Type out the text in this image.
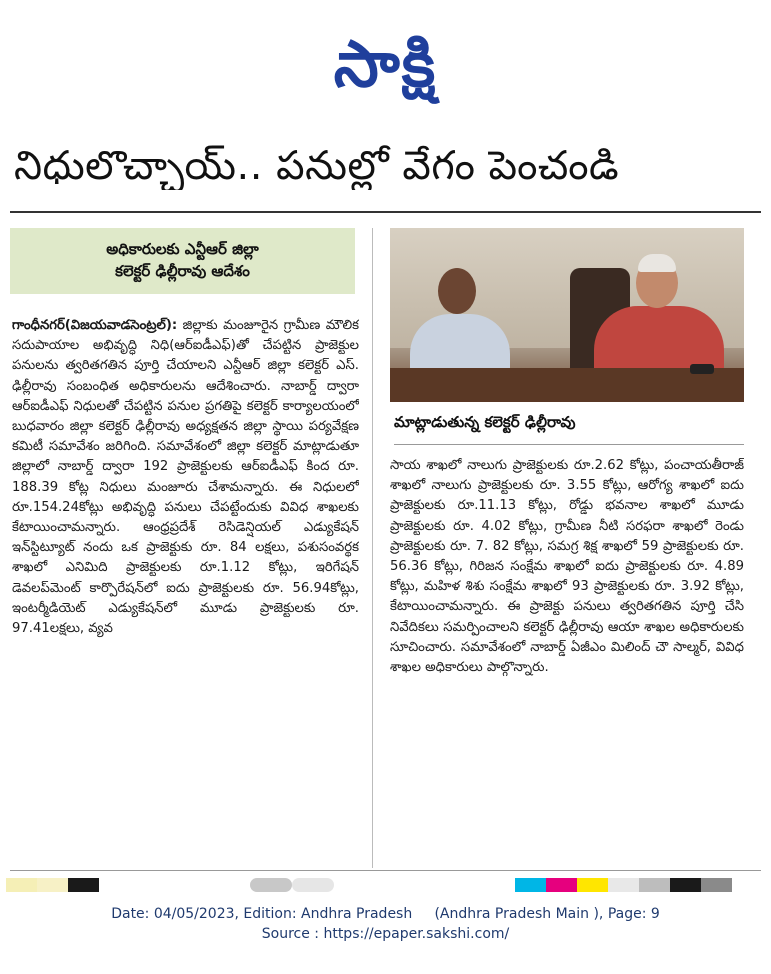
సాక్షి
నిధులొచ్చాయ్‌.. పనుల్లో వేగం పెంచండి
అధికారులకు ఎన్టీఆర్‌ జిల్లా
కలెక్టర్‌ ఢిల్లీరావు ఆదేశం
గాంధీనగర్‌(విజయవాడసెంట్రల్‌): జిల్లాకు మంజూరైన గ్రామీణ మౌలిక సదుపాయాల అభివృద్ధి నిధి(ఆర్‌ఐడీఎఫ్‌)తో చేపట్టిన ప్రాజెక్టుల పనులను త్వరితగతిన పూర్తి చేయాలని ఎన్టీఆర్‌ జిల్లా కలెక్టర్‌ ఎస్‌. ఢిల్లీరావు సంబంధిత అధికారులను ఆదేశించారు. నాబార్డ్‌ ద్వారా ఆర్‌ఐడీఎఫ్‌ నిధులతో చేపట్టిన పనుల ప్రగతిపై కలెక్టర్‌ కార్యాలయంలో బుధవారం జిల్లా కలెక్టర్‌ ఢిల్లీరావు అధ్యక్షతన జిల్లా స్థాయి పర్యవేక్షణ కమిటీ సమావేశం జరిగింది. సమావేశంలో జిల్లా కలెక్టర్‌ మాట్లాడుతూ జిల్లాలో నాబార్డ్‌ ద్వారా 192 ప్రాజెక్టులకు ఆర్‌ఐడీఎఫ్‌ కింద రూ. 188.39 కోట్ల నిధులు మంజూరు చేశామన్నారు. ఈ నిధులలో రూ.154.24కోట్లు అభివృద్ధి పనులు చేపట్టేందుకు వివిధ శాఖలకు కేటాయించామన్నారు. ఆంధ్రప్రదేశ్‌ రెసిడెన్షియల్‌ ఎడ్యుకేషన్‌ ఇన్‌స్టిట్యూట్‌ నందు ఒక ప్రాజెక్టుకు రూ. 84 లక్షలు, పశుసంవర్థక శాఖలో ఎనిమిది ప్రాజెక్టులకు రూ.1.12 కోట్లు, ఇరిగేషన్‌ డెవలప్‌మెంట్‌ కార్పొరేషన్‌లో ఐదు ప్రాజెక్టులకు రూ. 56.94కోట్లు, ఇంటర్మీడియెట్‌ ఎడ్యుకేషన్‌లో మూడు ప్రాజెక్టులకు రూ. 97.41లక్షలు, వ్యవ
మాట్లాడుతున్న కలెక్టర్‌ ఢిల్లీరావు
సాయ శాఖలో నాలుగు ప్రాజెక్టులకు రూ.2.62 కోట్లు, పంచాయతీరాజ్‌ శాఖలో నాలుగు ప్రాజెక్టులకు రూ. 3.55 కోట్లు, ఆరోగ్య శాఖలో ఐదు ప్రాజెక్టులకు రూ.11.13 కోట్లు, రోడ్డు భవనాల శాఖలో మూడు ప్రాజెక్టులకు రూ. 4.02 కోట్లు, గ్రామీణ నీటి సరఫరా శాఖలో రెండు ప్రాజెక్టులకు రూ. 7. 82 కోట్లు, సమగ్ర శిక్ష శాఖలో 59 ప్రాజెక్టులకు రూ. 56.36 కోట్లు, గిరిజన సంక్షేమ శాఖలో ఐదు ప్రాజెక్టులకు రూ. 4.89 కోట్లు, మహిళ శిశు సంక్షేమ శాఖలో 93 ప్రాజెక్టులకు రూ. 3.92 కోట్లు, కేటాయించామన్నారు. ఈ ప్రాజెక్టు పనులు త్వరితగతిన పూర్తి చేసి నివేదికలు సమర్పించాలని కలెక్టర్‌ ఢిల్లీరావు ఆయా శాఖల అధికారులకు సూచించారు. సమావేశంలో నాబార్డ్‌ ఏజీఎం మిలింద్‌ చౌ సాల్మర్‌, వివిధ శాఖల అధికారులు పాల్గొన్నారు.
Date: 04/05/2023, Edition: Andhra Pradesh     (Andhra Pradesh Main ), Page: 9
Source : https://epaper.sakshi.com/
